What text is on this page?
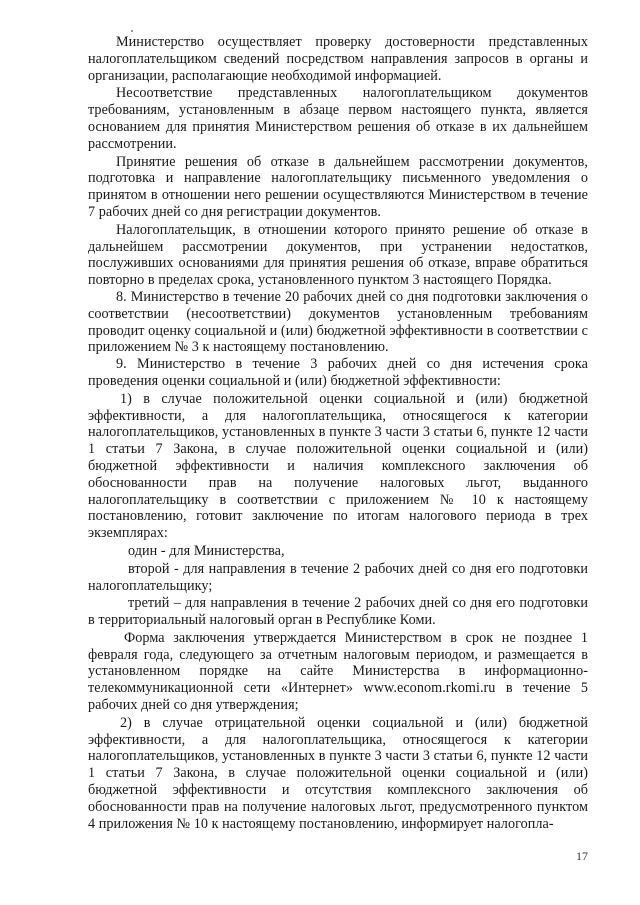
Министерство осуществляет проверку достоверности представленных налогоплательщиком сведений посредством направления запросов в органы и организации, располагающие необходимой информацией.

Несоответствие представленных налогоплательщиком документов требованиям, установленным в абзаце первом настоящего пункта, является основанием для принятия Министерством решения об отказе в их дальнейшем рассмотрении.

Принятие решения об отказе в дальнейшем рассмотрении документов, подготовка и направление налогоплательщику письменного уведомления о принятом в отношении него решении осуществляются Министерством в течение 7 рабочих дней со дня регистрации документов.

Налогоплательщик, в отношении которого принято решение об отказе в дальнейшем рассмотрении документов, при устранении недостатков, послуживших основаниями для принятия решения об отказе, вправе обратиться повторно в пределах срока, установленного пунктом 3 настоящего Порядка.

8. Министерство в течение 20 рабочих дней со дня подготовки заключения о соответствии (несоответствии) документов установленным требованиям проводит оценку социальной и (или) бюджетной эффективности в соответствии с приложением № 3 к настоящему постановлению.

9. Министерство в течение 3 рабочих дней со дня истечения срока проведения оценки социальной и (или) бюджетной эффективности:

1) в случае положительной оценки социальной и (или) бюджетной эффективности, а для налогоплательщика, относящегося к категории налогоплательщиков, установленных в пункте 3 части 3 статьи 6, пункте 12 части 1 статьи 7 Закона, в случае положительной оценки социальной и (или) бюджетной эффективности и наличия комплексного заключения об обоснованности прав на получение налоговых льгот, выданного налогоплательщику в соответствии с приложением № 10 к настоящему постановлению, готовит заключение по итогам налогового периода в трех экземплярах:

один - для Министерства,

второй - для направления в течение 2 рабочих дней со дня его подготовки налогоплательщику;

третий – для направления в течение 2 рабочих дней со дня его подготовки в территориальный налоговый орган в Республике Коми.

Форма заключения утверждается Министерством в срок не позднее 1 февраля года, следующего за отчетным налоговым периодом, и размещается в установленном порядке на сайте Министерства в информационно-телекоммуникационной сети «Интернет» www.econom.rkomi.ru в течение 5 рабочих дней со дня утверждения;

2) в случае отрицательной оценки социальной и (или) бюджетной эффективности, а для налогоплательщика, относящегося к категории налогоплательщиков, установленных в пункте 3 части 3 статьи 6, пункте 12 части 1 статьи 7 Закона, в случае положительной оценки социальной и (или) бюджетной эффективности и отсутствия комплексного заключения об обоснованности прав на получение налоговых льгот, предусмотренного пунктом 4 приложения № 10 к настоящему постановлению, информирует налогопла-

17
